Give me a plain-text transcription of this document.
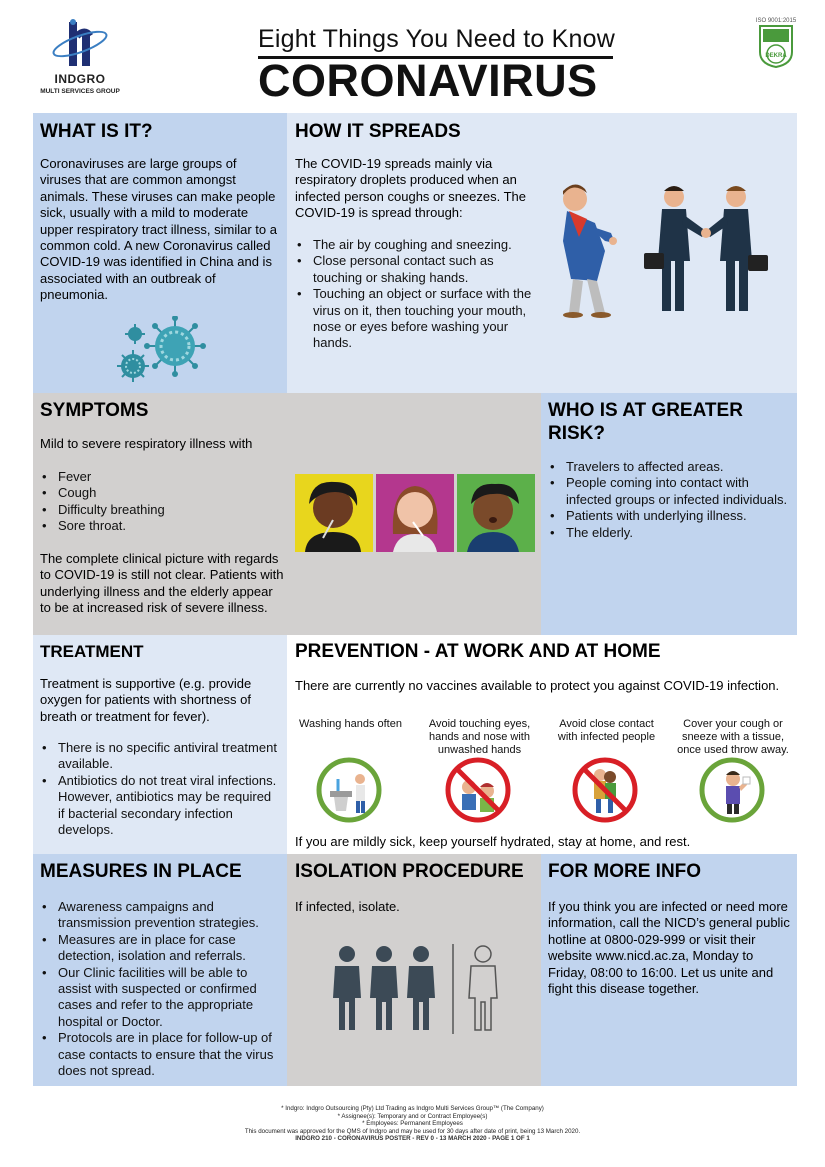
INDGRO
MULTI SERVICES GROUP
Eight Things You Need to Know
CORONAVIRUS
ISO 9001:2015
DEKRA
WHAT IS IT?
Coronaviruses are large groups of viruses that are common amongst animals. These viruses can make people sick, usually with a mild to moderate upper respiratory tract illness, similar to a common cold. A new Coronavirus called COVID-19 was identified in China and is associated with an outbreak of pneumonia.
HOW IT SPREADS
The COVID-19 spreads mainly via respiratory droplets produced when an infected person coughs or sneezes. The COVID-19 is spread through:
• The air by coughing and sneezing.
• Close personal contact such as touching or shaking hands.
• Touching an object or surface with the virus on it, then touching your mouth, nose or eyes before washing your hands.
SYMPTOMS
Mild to severe respiratory illness with
• Fever
• Cough
• Difficulty breathing
• Sore throat.
The complete clinical picture with regards to COVID-19 is still not clear. Patients with underlying illness and the elderly appear to be at increased risk of severe illness.
WHO IS AT GREATER RISK?
• Travelers to affected areas.
• People coming into contact with infected groups or infected individuals.
• Patients with underlying illness.
• The elderly.
TREATMENT
Treatment is supportive (e.g. provide oxygen for patients with shortness of breath or treatment for fever).
• There is no specific antiviral treatment available.
• Antibiotics do not treat viral infections. However, antibiotics may be required if bacterial secondary infection develops.
PREVENTION - AT WORK AND AT HOME
There are currently no vaccines available to protect you against COVID-19 infection.
Washing hands often	Avoid touching eyes, hands and nose with unwashed hands
Avoid close contact with infected people
Cover your cough or sneeze with a tissue, once used throw away.
If you are mildly sick, keep yourself hydrated, stay at home, and rest.
MEASURES IN PLACE
• Awareness campaigns and transmission prevention strategies.
• Measures are in place for case detection, isolation and referrals.
• Our Clinic facilities will be able to assist with suspected or confirmed cases and refer to the appropriate hospital or Doctor.
• Protocols are in place for follow-up of case contacts to ensure that the virus does not spread.
ISOLATION PROCEDURE
If infected, isolate.
FOR MORE INFO
If you think you are infected or need more information, call the NICD’s general public hotline at 0800-029-999 or visit their website www.nicd.ac.za, Monday to Friday, 08:00 to 16:00. Let us unite and fight this disease together.
* Indgro: Indgro Outsourcing (Pty) Ltd Trading as Indgro Multi Services Group™ (The Company)
* Assignee(s): Temporary and or Contract Employee(s)
* Employees: Permanent Employees
This document was approved for the QMS of Indgro and may be used for 30 days after date of print, being 13 March 2020.
INDGRO 210 - CORONAVIRUS POSTER - REV 0 - 13 MARCH 2020 - PAGE 1 OF 1
